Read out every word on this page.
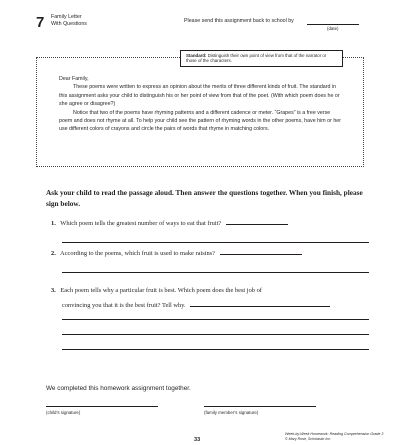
7 Family Letter
With Questions	Please send this assignment back to school by
(date)
Standard: Distinguish their own point of view from that of the narrator or those of the characters.

Dear Family,

These poems were written to express an opinion about the merits of three different kinds of fruit. The standard in this assignment asks your child to distinguish his or her point of view from that of the poet. (With which poem does he or she agree or disagree?)

Notice that two of the poems have rhyming patterns and a different cadence or meter. “Grapes” is a free verse poem and does not rhyme at all. To help your child see the pattern of rhyming words in the other poems, have him or her use different colors of crayons and circle the pairs of words that rhyme in matching colors.

Ask your child to read the passage aloud. Then answer the questions together. When you finish, please sign below.
1. Which poem tells the greatest number of ways to eat that fruit?
2. According to the poems, which fruit is used to make raisins?
3. Each poem tells why a particular fruit is best. Which poem does the best job of
convincing you that it is the best fruit? Tell why.
We completed this homework assignment together.
(child’s signature)	(family member’s signature)
33
Week-by-Week Homework: Reading Comprehension Grade 3
© Mary Rose, Scholastic Inc.
